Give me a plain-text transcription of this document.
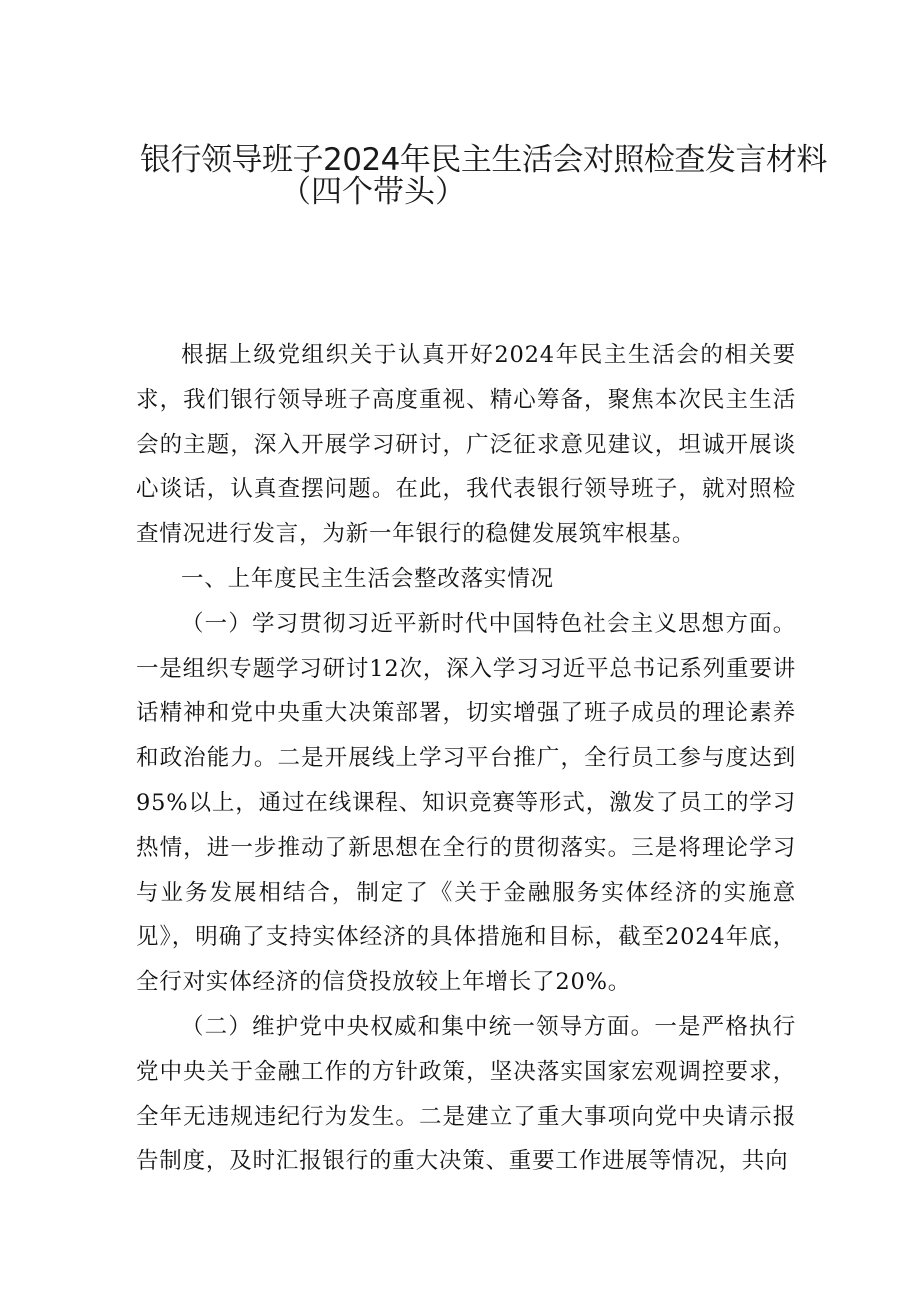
银行领导班子2024年民主生活会对照检查发言材料
（四个带头）

根据上级党组织关于认真开好2024年民主生活会的相关要求，我们银行领导班子高度重视、精心筹备，聚焦本次民主生活会的主题，深入开展学习研讨，广泛征求意见建议，坦诚开展谈心谈话，认真查摆问题。在此，我代表银行领导班子，就对照检查情况进行发言，为新一年银行的稳健发展筑牢根基。

一、上年度民主生活会整改落实情况

（一）学习贯彻习近平新时代中国特色社会主义思想方面。一是组织专题学习研讨12次，深入学习习近平总书记系列重要讲话精神和党中央重大决策部署，切实增强了班子成员的理论素养和政治能力。二是开展线上学习平台推广，全行员工参与度达到95%以上，通过在线课程、知识竞赛等形式，激发了员工的学习热情，进一步推动了新思想在全行的贯彻落实。三是将理论学习与业务发展相结合，制定了《关于金融服务实体经济的实施意见》，明确了支持实体经济的具体措施和目标，截至2024年底，全行对实体经济的信贷投放较上年增长了20%。

（二）维护党中央权威和集中统一领导方面。一是严格执行党中央关于金融工作的方针政策，坚决落实国家宏观调控要求，全年无违规违纪行为发生。二是建立了重大事项向党中央请示报告制度，及时汇报银行的重大决策、重要工作进展等情况，共向
